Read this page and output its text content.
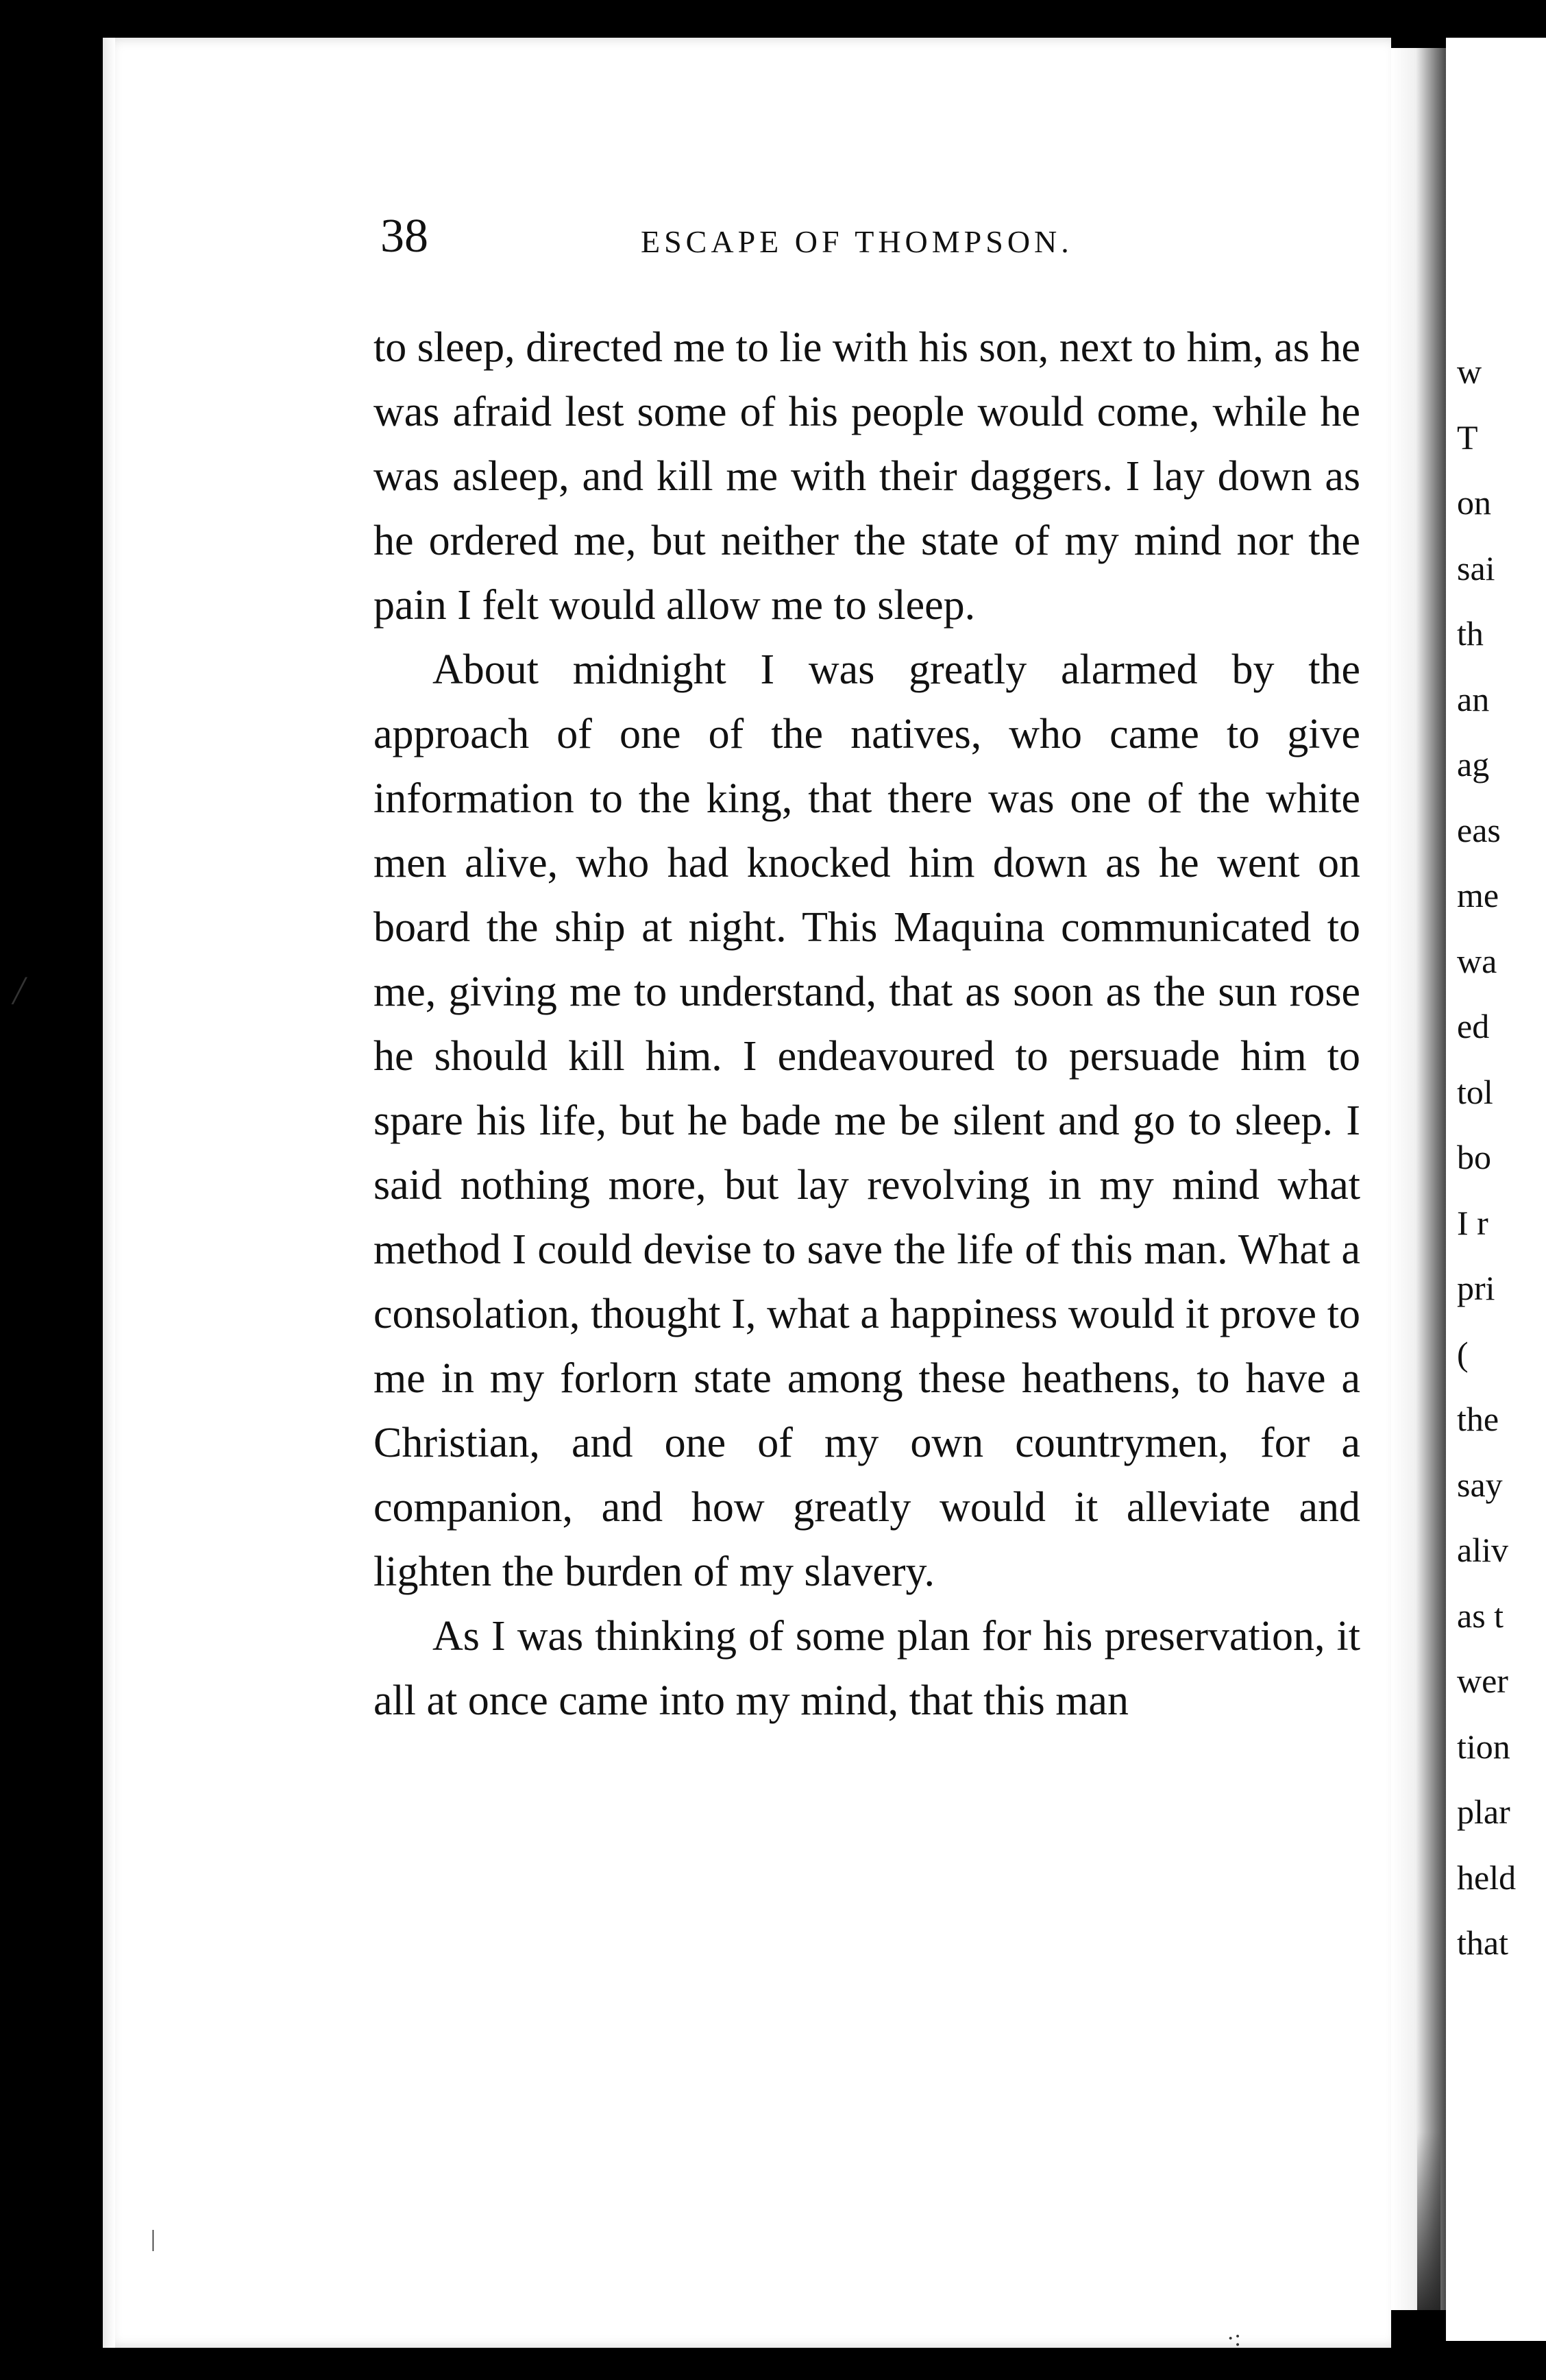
w
T
on
sai
th
an
ag
eas
me
wa
ed
tol
bo
I r
pri
(
the
say
aliv
as t
wer
tion
plar
held
that
38	ESCAPE OF THOMPSON.

to sleep, directed me to lie with his son, next to him, as he was afraid lest some of his people would come, while he was asleep, and kill me with their daggers. I lay down as he ordered me, but neither the state of my mind nor the pain I felt would allow me to sleep.

About midnight I was greatly alarmed by the approach of one of the natives, who came to give information to the king, that there was one of the white men alive, who had knocked him down as he went on board the ship at night. This Maquina communicated to me, giving me to understand, that as soon as the sun rose he should kill him. I endeavoured to persuade him to spare his life, but he bade me be silent and go to sleep. I said nothing more, but lay revolving in my mind what method I could devise to save the life of this man. What a consolation, thought I, what a happiness would it prove to me in my forlorn state among these heathens, to have a Christian, and one of my own countrymen, for a companion, and how greatly would it alleviate and lighten the burden of my slavery.

As I was thinking of some plan for his preservation, it all at once came into my mind, that this man

╱
|
·:
